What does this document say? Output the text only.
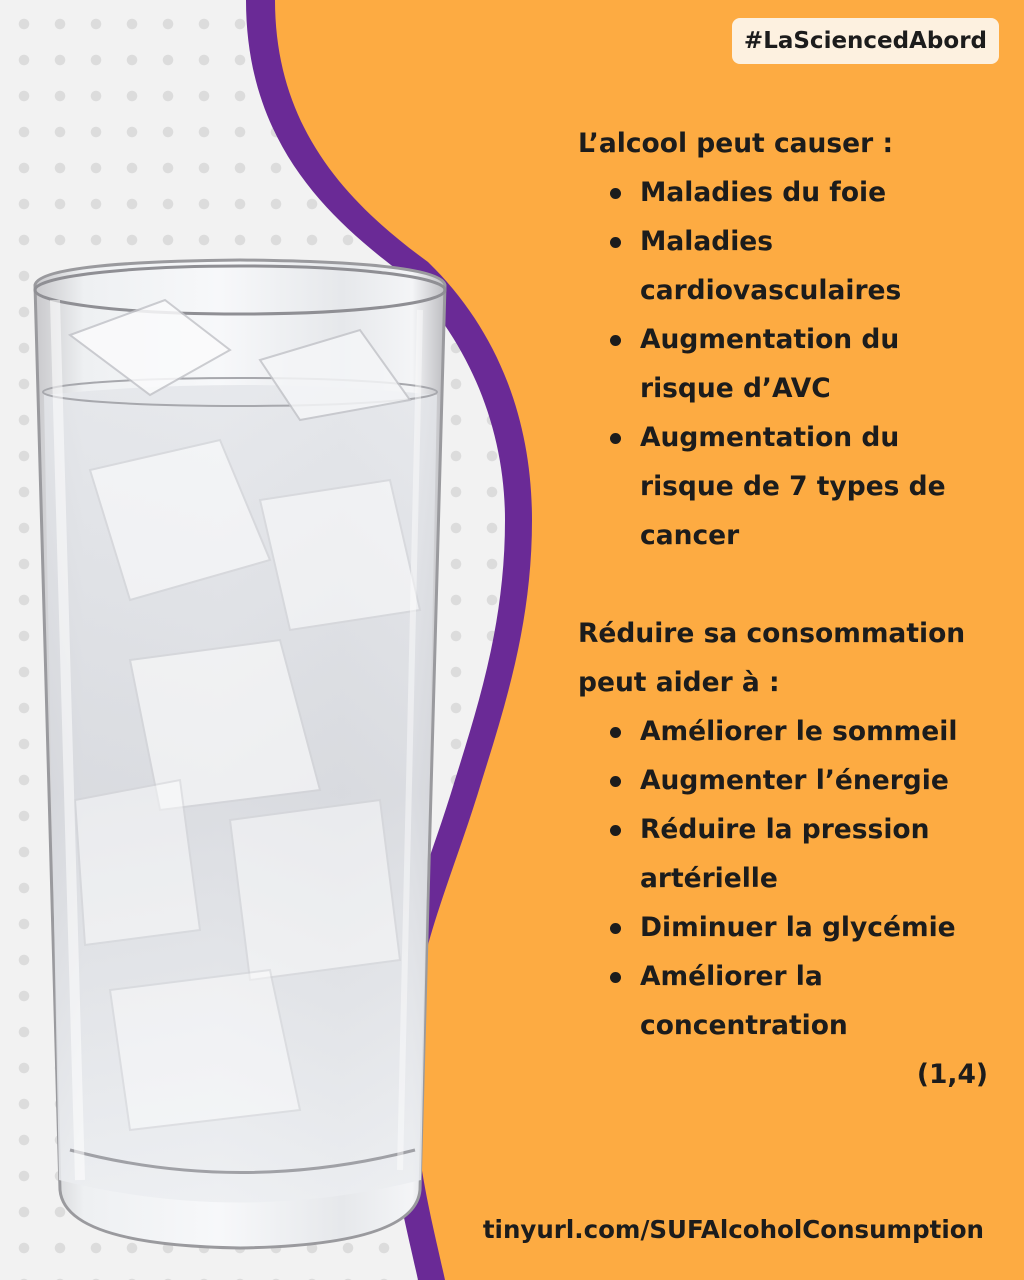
#LaSciencedAbord
L’alcool peut causer :
Maladies du foie
Maladies
cardiovasculaires
Augmentation du
risque d’AVC
Augmentation du
risque de 7 types de
cancer
Réduire sa consommation
peut aider à :
Améliorer le sommeil
Augmenter l’énergie
Réduire la pression
artérielle
Diminuer la glycémie
Améliorer la
concentration
(1,4)
tinyurl.com/SUFAlcoholConsumption
